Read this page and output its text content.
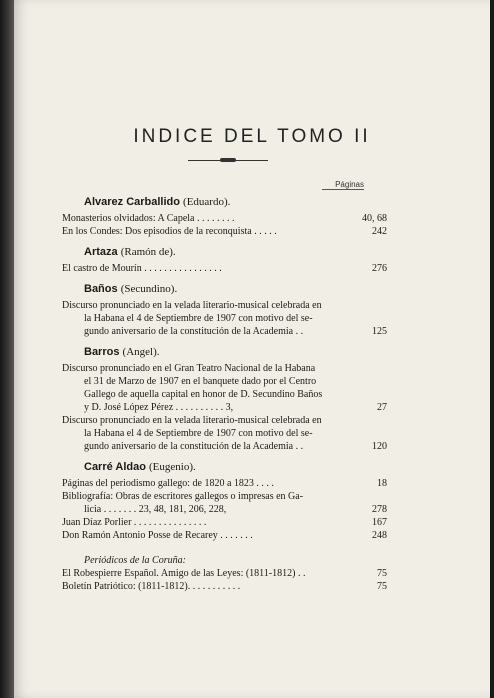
INDICE DEL TOMO II
Páginas
Alvarez Carballido (Eduardo).
Monasterios olvidados: A Capela . . . . . . . .	40, 68
En los Condes: Dos episodios de la reconquista . . . . .	242
Artaza (Ramón de).
El castro de Mourín . . . . . . . . . . . . . . . .	276
Baños (Secundino).
Discurso pronunciado en la velada literario-musical celebrada en
la Habana el 4 de Septiembre de 1907 con motivo del se-
gundo aniversario de la constitución de la Academia . .	125
Barros (Angel).
Discurso pronunciado en el Gran Teatro Nacional de la Habana
el 31 de Marzo de 1907 en el banquete dado por el Centro
Gallego de aquella capital en honor de D. Secundino Baños
y D. José López Pérez . . . . . . . . . . 3,	27
Discurso pronunciado en la velada literario-musical celebrada en
la Habana el 4 de Septiembre de 1907 con motivo del se-
gundo aniversario de la constitución de la Academia . .	120
Carré Aldao (Eugenio).
Páginas del periodismo gallego: de 1820 a 1823 . . . .	18
Bibliografía: Obras de escritores gallegos o impresas en Ga-
licia . . . . . . . 23, 48, 181, 206, 228,	278
Juan Díaz Porlier . . . . . . . . . . . . . . .	167
Don Ramón Antonio Posse de Recarey . . . . . . .	248
Periódicos de la Coruña:
El Robespierre Español. Amigo de las Leyes: (1811-1812) . .	75
Boletín Patriótico: (1811-1812). . . . . . . . . . .	75
